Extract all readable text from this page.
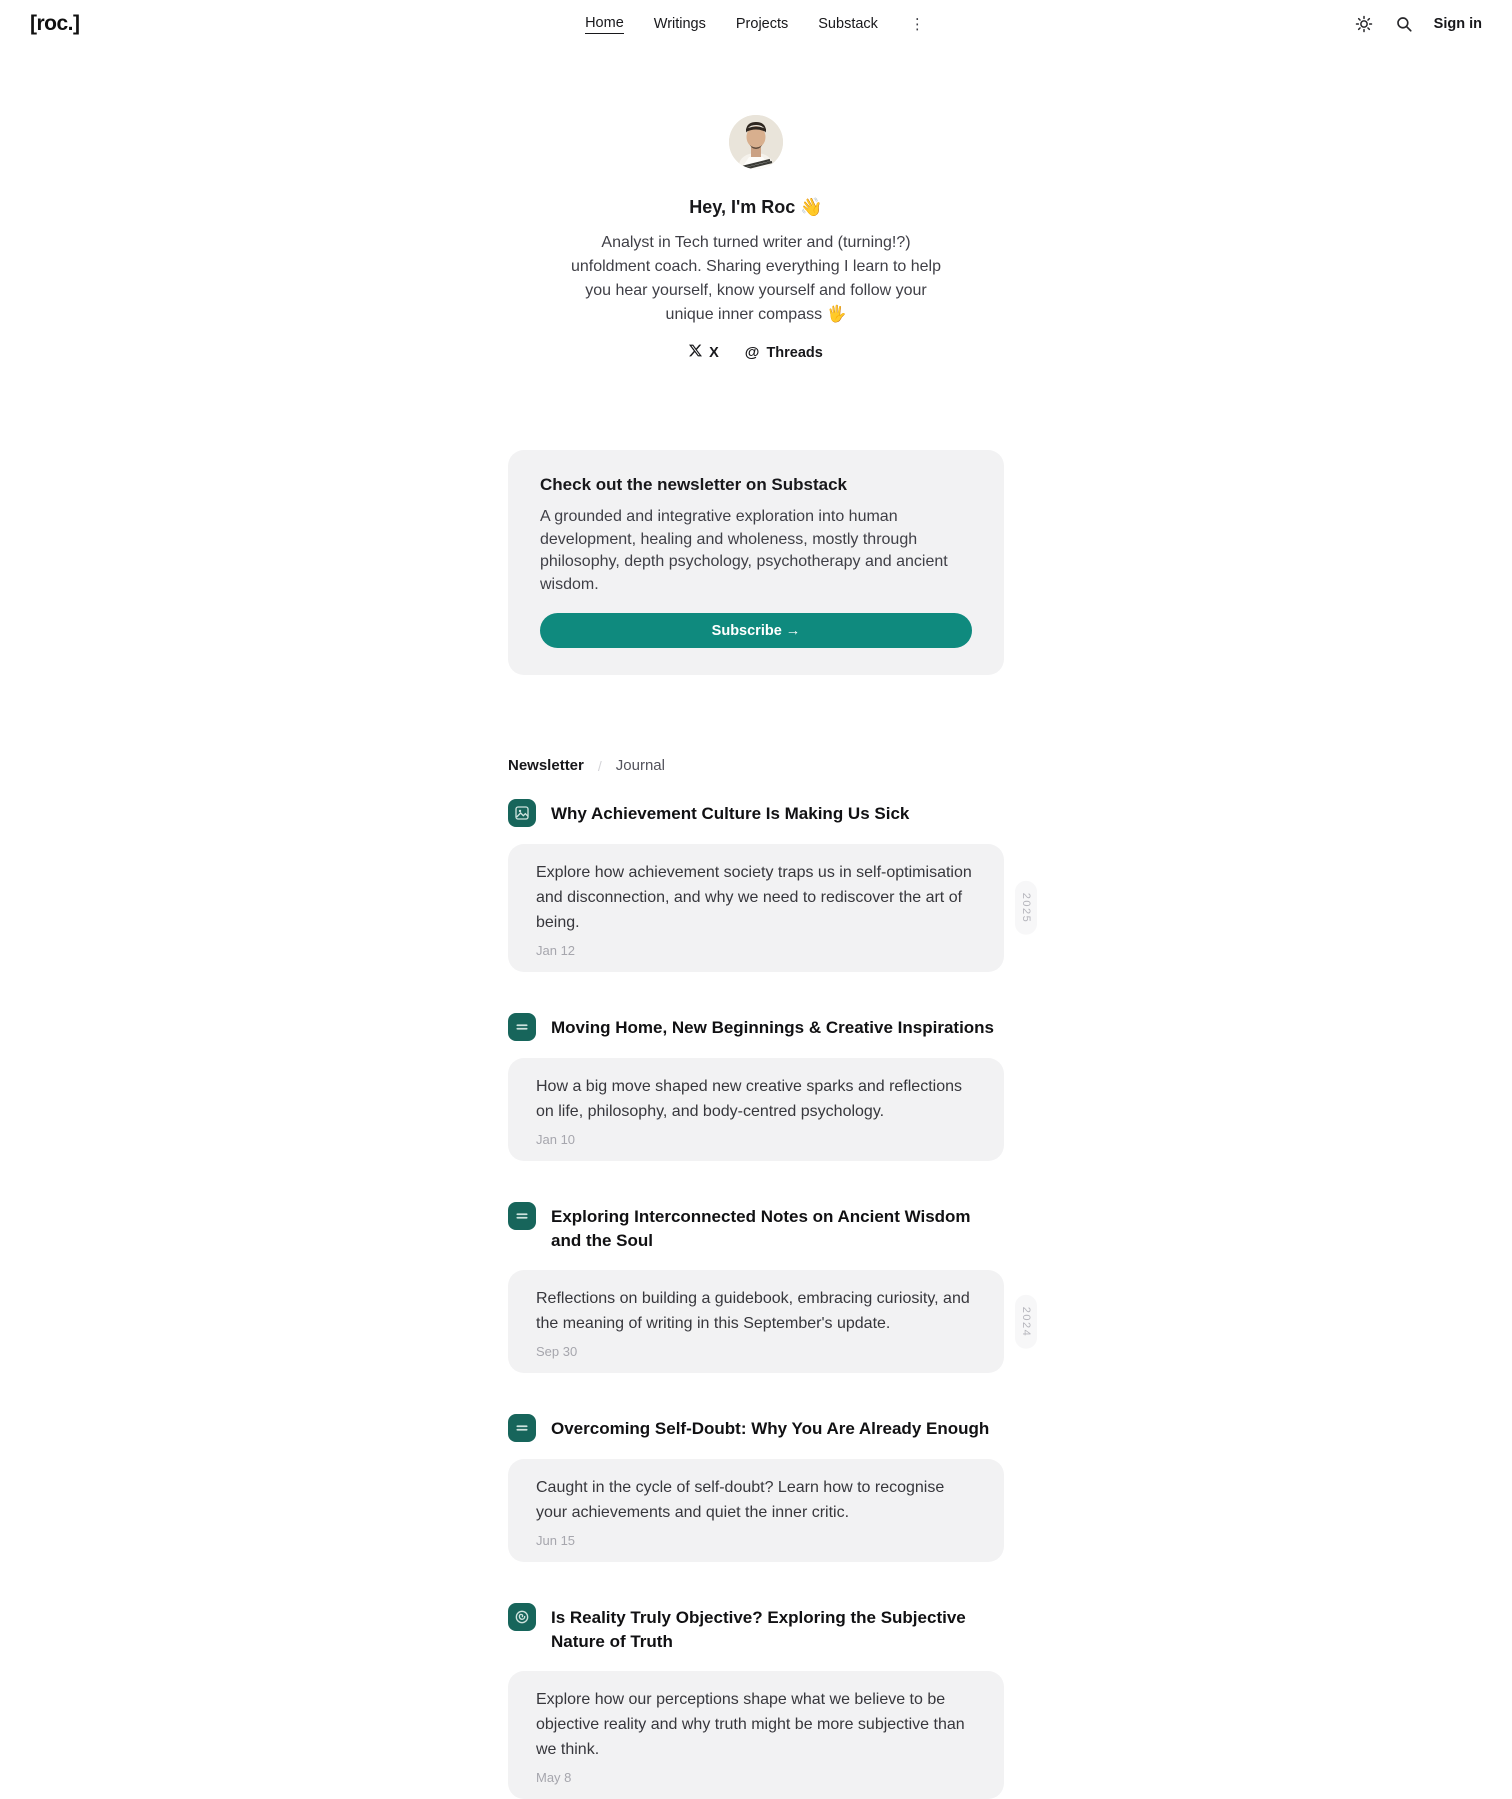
[roc.]	Home Writings Projects Substack ⋮	Sign in
Hey, I'm Roc 👋

Analyst in Tech turned writer and (turning!?) unfoldment coach. Sharing everything I learn to help you hear yourself, know yourself and follow your unique inner compass 🖐

X @ Threads
Check out the newsletter on Substack

A grounded and integrative exploration into human development, healing and wholeness, mostly through philosophy, depth psychology, psychotherapy and ancient wisdom.

Subscribe →
Newsletter / Journal
Why Achievement Culture Is Making Us Sick

Explore how achievement society traps us in self-optimisation and disconnection, and why we need to rediscover the art of being.

Jan 12
2025
Moving Home, New Beginnings & Creative Inspirations

How a big move shaped new creative sparks and reflections on life, philosophy, and body-centred psychology.

Jan 10
Exploring Interconnected Notes on Ancient Wisdom and the Soul

Reflections on building a guidebook, embracing curiosity, and the meaning of writing in this September's update.

Sep 30
2024
Overcoming Self-Doubt: Why You Are Already Enough

Caught in the cycle of self-doubt? Learn how to recognise your achievements and quiet the inner critic.

Jun 15
Is Reality Truly Objective? Exploring the Subjective Nature of Truth

Explore how our perceptions shape what we believe to be objective reality and why truth might be more subjective than we think.

May 8
